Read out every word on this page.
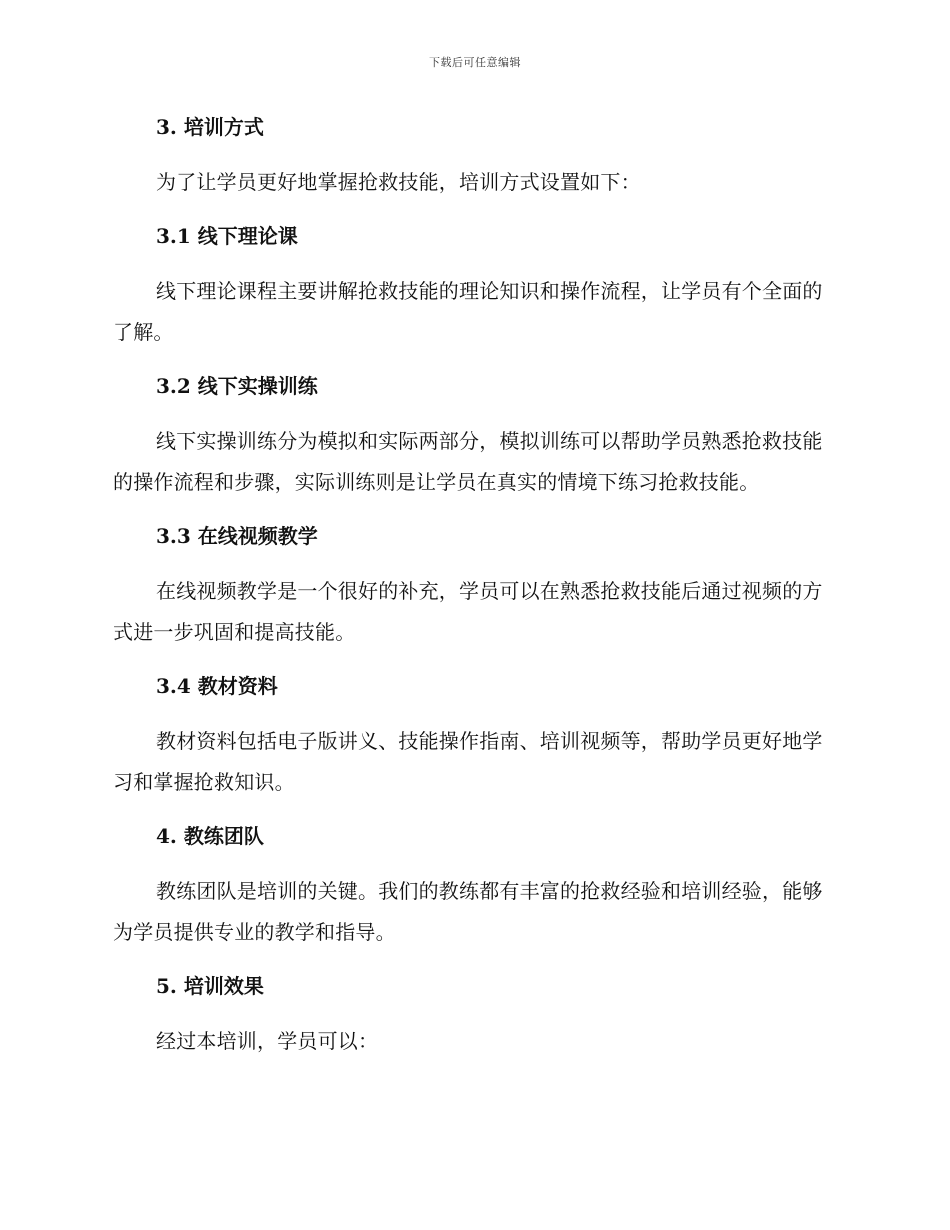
下载后可任意编辑

3. 培训方式

为了让学员更好地掌握抢救技能，培训方式设置如下：

3.1 线下理论课

线下理论课程主要讲解抢救技能的理论知识和操作流程，让学员有个全面的了解。

3.2 线下实操训练

线下实操训练分为模拟和实际两部分，模拟训练可以帮助学员熟悉抢救技能的操作流程和步骤，实际训练则是让学员在真实的情境下练习抢救技能。

3.3 在线视频教学

在线视频教学是一个很好的补充，学员可以在熟悉抢救技能后通过视频的方式进一步巩固和提高技能。

3.4 教材资料

教材资料包括电子版讲义、技能操作指南、培训视频等，帮助学员更好地学习和掌握抢救知识。

4. 教练团队

教练团队是培训的关键。我们的教练都有丰富的抢救经验和培训经验，能够为学员提供专业的教学和指导。

5. 培训效果

经过本培训，学员可以：
